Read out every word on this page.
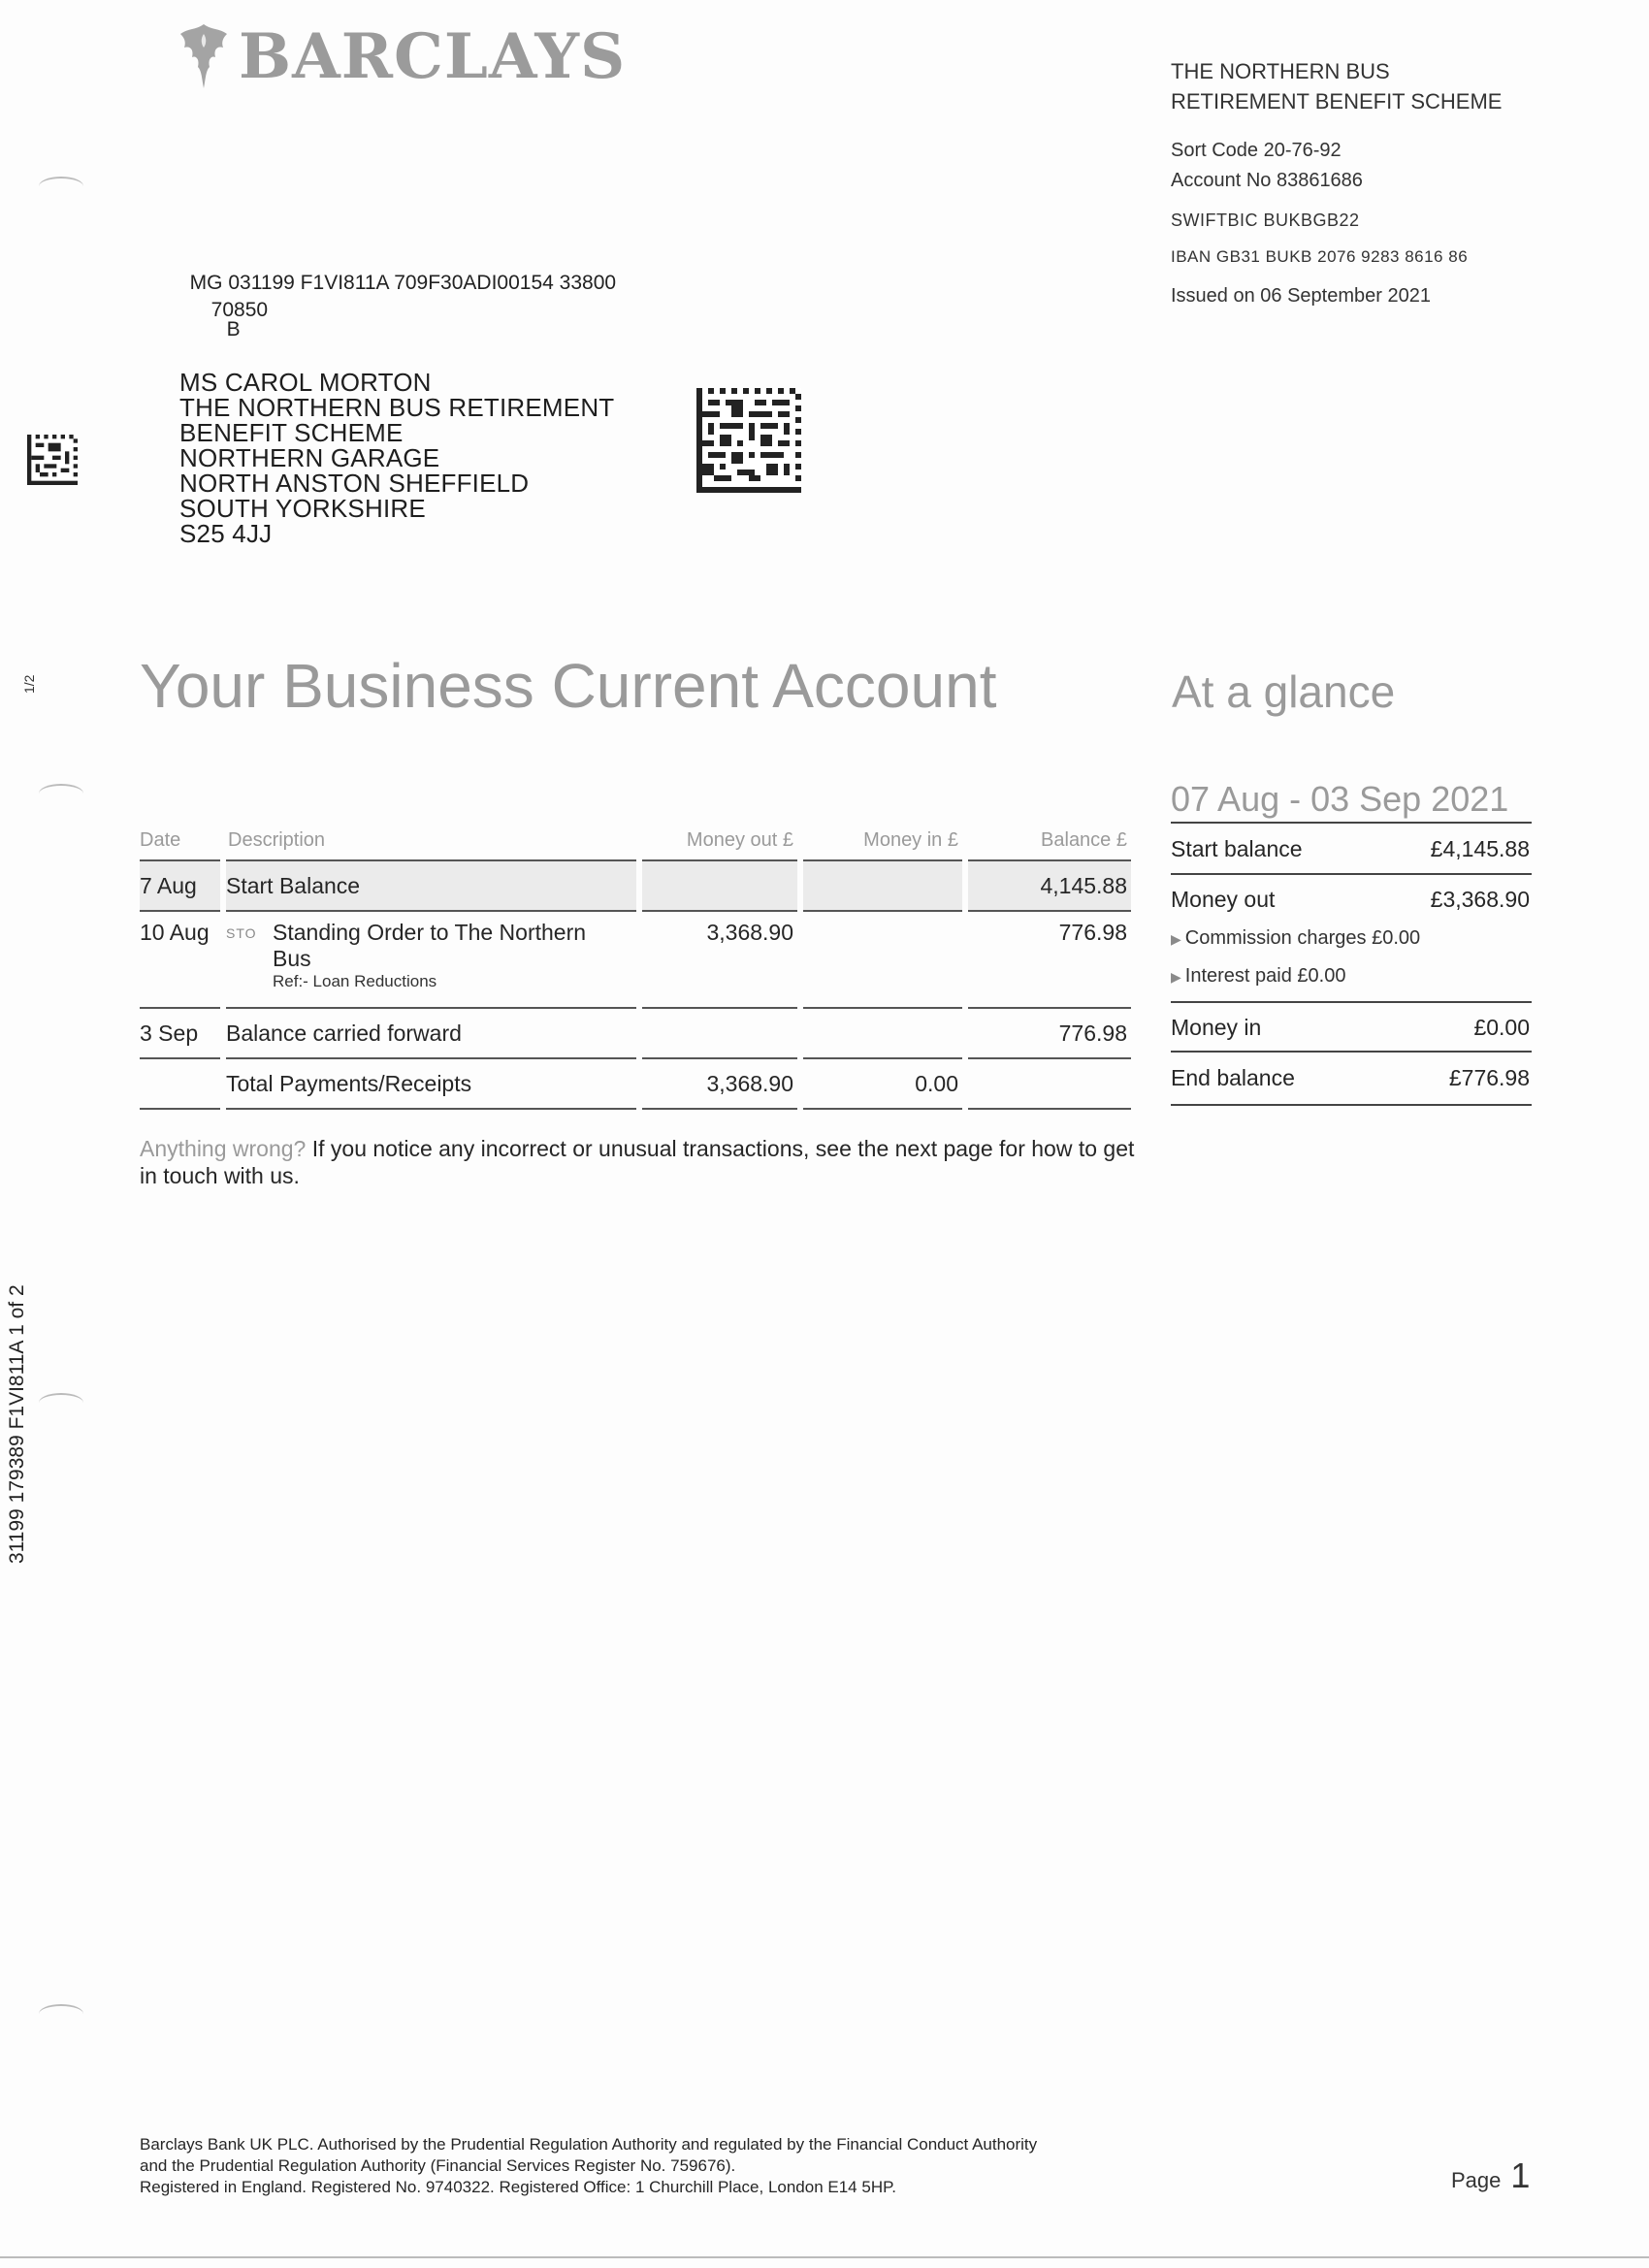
BARCLAYS	THE NORTHERN BUS
RETIREMENT BENEFIT SCHEME
Sort Code 20-76-92
Account No 83861686
SWIFTBIC BUKBGB22
IBAN GB31 BUKB 2076 9283 8616 86
Issued on 06 September 2021

MG 031199 F1VI811A 709F30ADI00154 33800
70850
B

MS CAROL MORTON
THE NORTHERN BUS RETIREMENT
BENEFIT SCHEME
NORTHERN GARAGE
NORTH ANSTON SHEFFIELD
SOUTH YORKSHIRE
S25 4JJ
1/2
31199 179389 F1VI811A 1 of 2
Your Business Current Account	At a glance
Date	Description	Money out £	Money in £	Balance £
7 Aug	Start Balance			4,145.88
10 Aug	STO Standing Order to The Northern
Bus
Ref:- Loan Reductions	3,368.90		776.98
3 Sep	Balance carried forward			776.98
	Total Payments/Receipts	3,368.90	0.00	
07 Aug - 03 Sep 2021
Start balance	£4,145.88
Money out	£3,368.90
▶ Commission charges £0.00
▶ Interest paid £0.00
Money in	£0.00
End balance	£776.98
Anything wrong? If you notice any incorrect or unusual transactions, see the next page for how to get in touch with us.
Barclays Bank UK PLC. Authorised by the Prudential Regulation Authority and regulated by the Financial Conduct Authority
and the Prudential Regulation Authority (Financial Services Register No. 759676).
Registered in England. Registered No. 9740322. Registered Office: 1 Churchill Place, London E14 5HP.	Page 1
